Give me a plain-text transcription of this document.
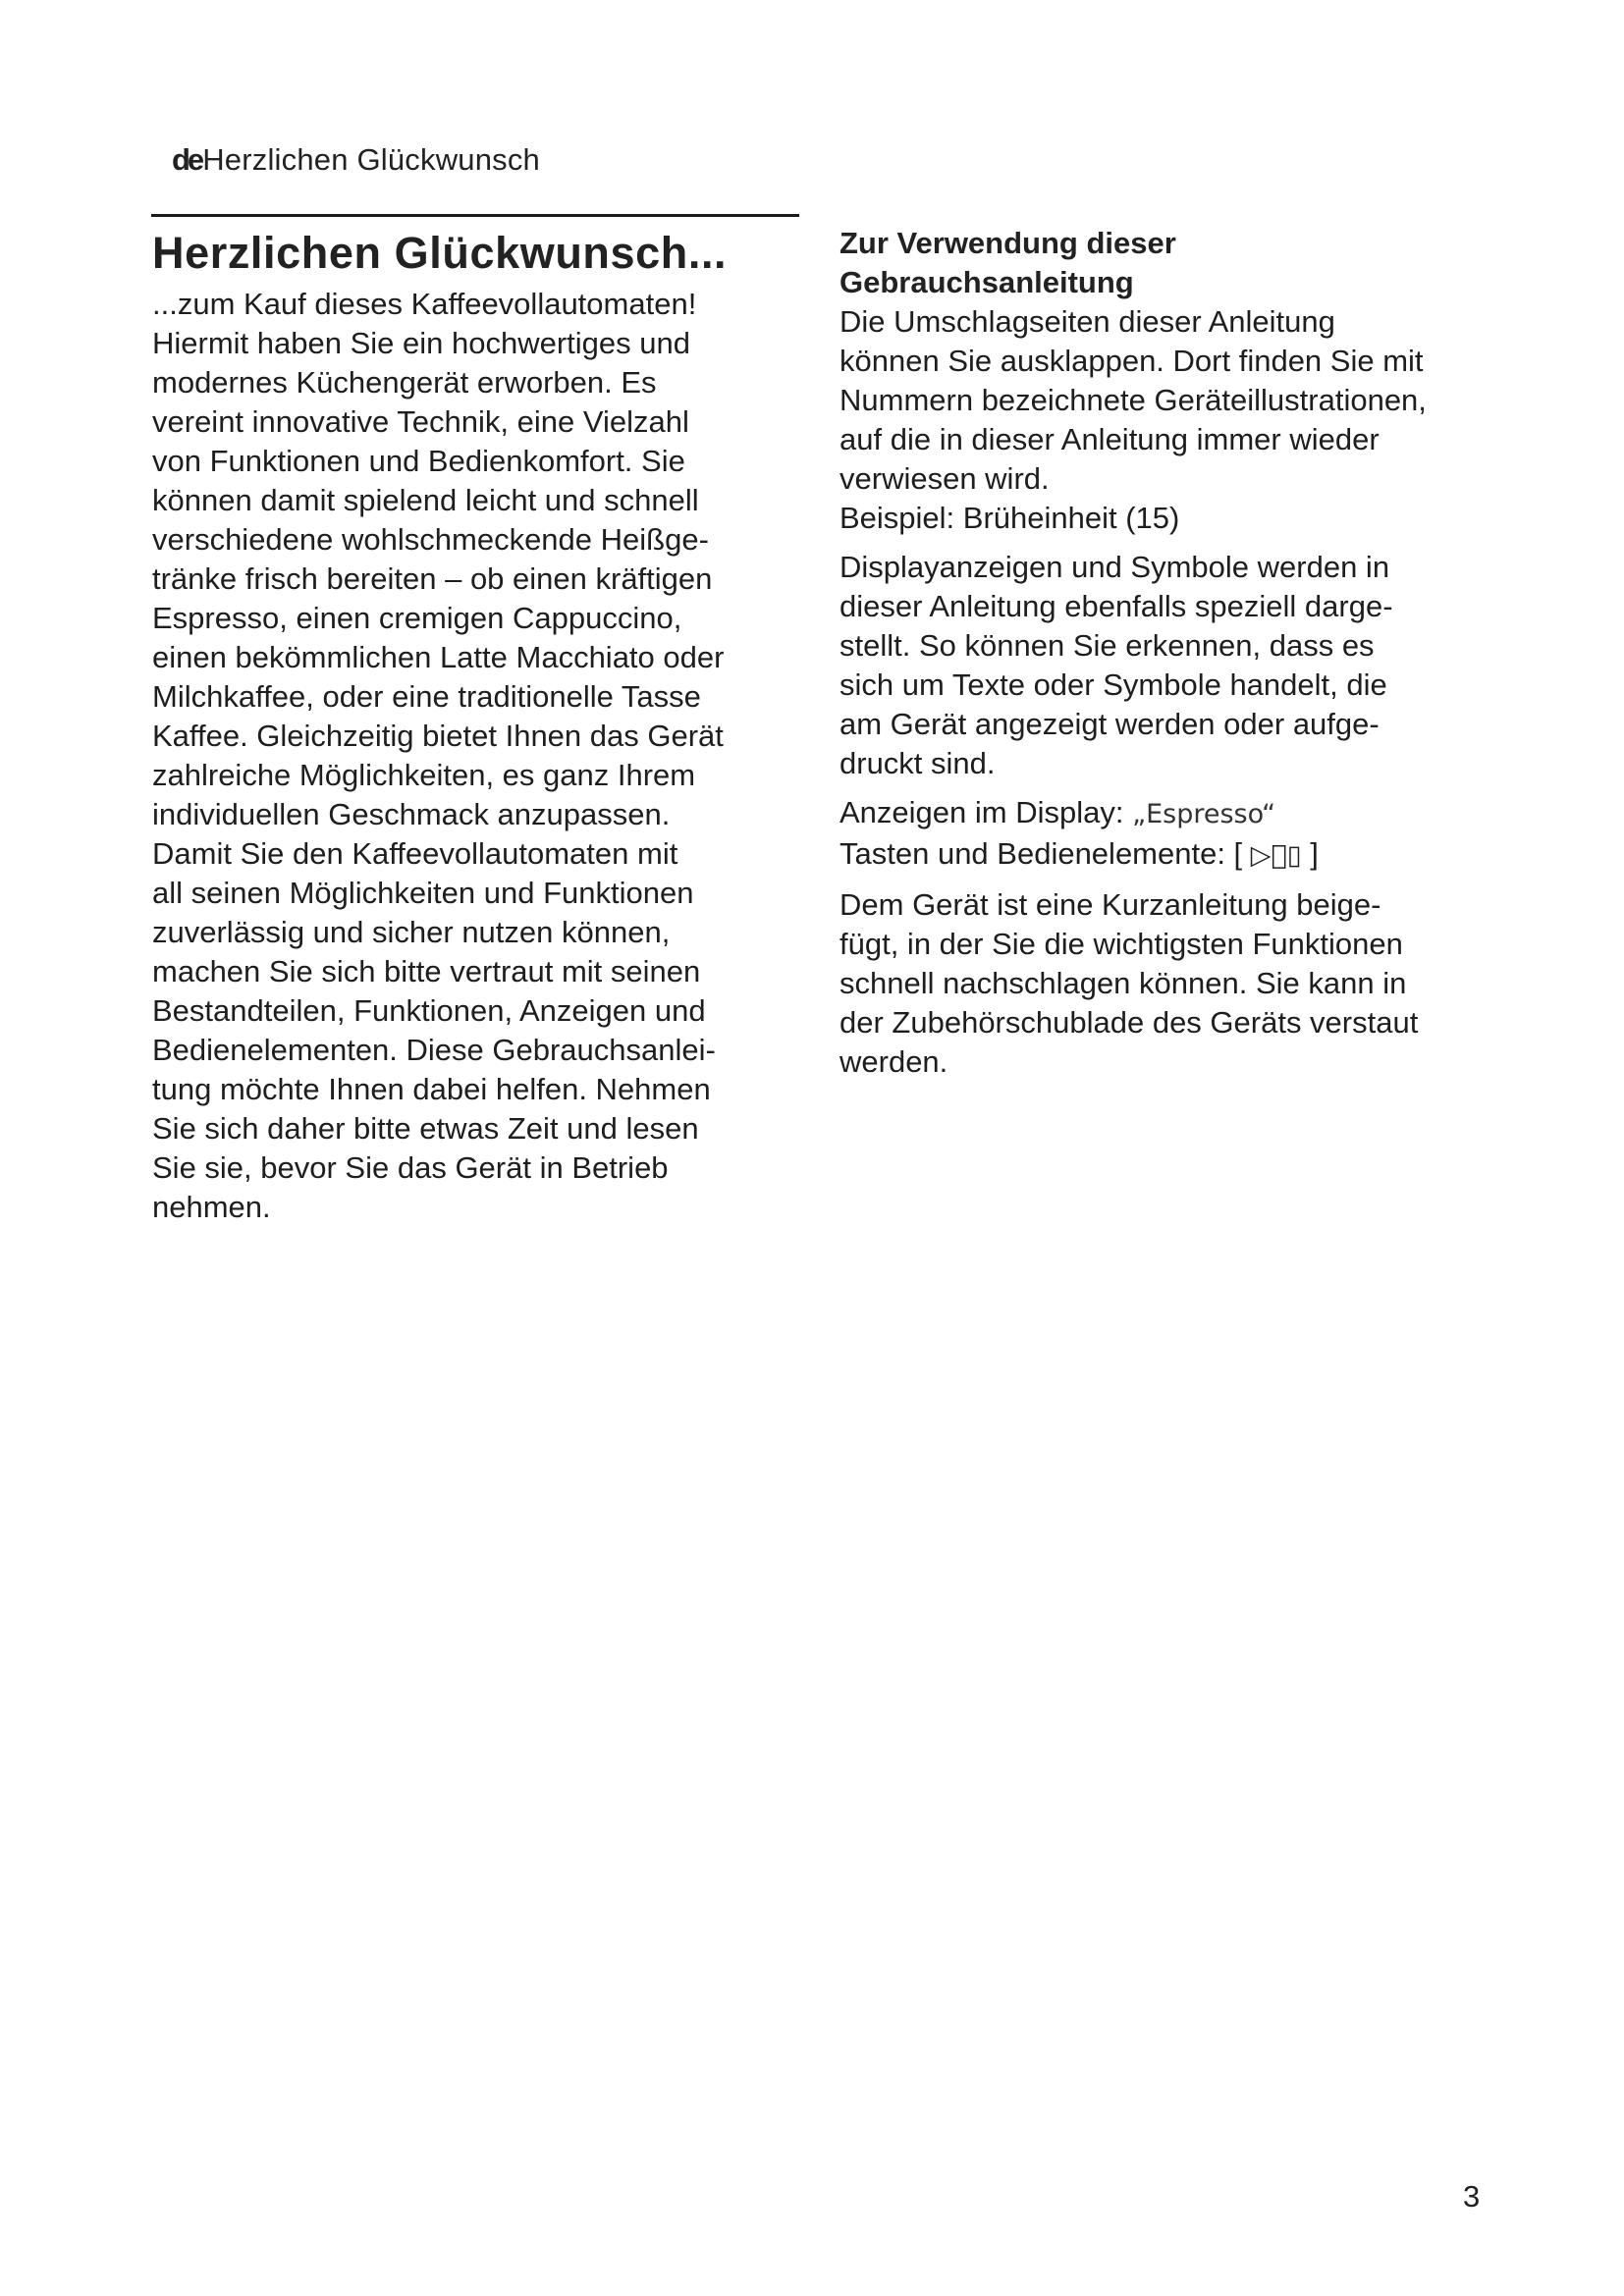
deHerzlichen Glückwunsch
Herzlichen Glückwunsch...

...zum Kauf dieses Kaffeevollautomaten!
Hiermit haben Sie ein hochwertiges und
modernes Küchengerät erworben. Es
vereint innovative Technik, eine Vielzahl
von Funktionen und Bedienkomfort. Sie
können damit spielend leicht und schnell
verschiedene wohlschmeckende Heißge-
tränke frisch bereiten – ob einen kräftigen
Espresso, einen cremigen Cappuccino,
einen bekömmlichen Latte Macchiato oder
Milchkaffee, oder eine traditionelle Tasse
Kaffee. Gleichzeitig bietet Ihnen das Gerät
zahlreiche Möglichkeiten, es ganz Ihrem
individuellen Geschmack anzupassen.
Damit Sie den Kaffeevollautomaten mit
all seinen Möglichkeiten und Funktionen
zuverlässig und sicher nutzen können,
machen Sie sich bitte vertraut mit seinen
Bestandteilen, Funktionen, Anzeigen und
Bedienelementen. Diese Gebrauchsanlei-
tung möchte Ihnen dabei helfen. Nehmen
Sie sich daher bitte etwas Zeit und lesen
Sie sie, bevor Sie das Gerät in Betrieb
nehmen.

Zur Verwendung dieser
Gebrauchsanleitung

Die Umschlagseiten dieser Anleitung
können Sie ausklappen. Dort finden Sie mit
Nummern bezeichnete Geräteillustrationen,
auf die in dieser Anleitung immer wieder
verwiesen wird.

Beispiel: Brüheinheit (15)

Displayanzeigen und Symbole werden in
dieser Anleitung ebenfalls speziell darge-
stellt. So können Sie erkennen, dass es
sich um Texte oder Symbole handelt, die
am Gerät angezeigt werden oder aufge-
druckt sind.

Anzeigen im Display: „Espresso“

Tasten und Bedienelemente: [ ▷⃝▯ ]

Dem Gerät ist eine Kurzanleitung beige-
fügt, in der Sie die wichtigsten Funktionen
schnell nachschlagen können. Sie kann in
der Zubehörschublade des Geräts verstaut
werden.

3
